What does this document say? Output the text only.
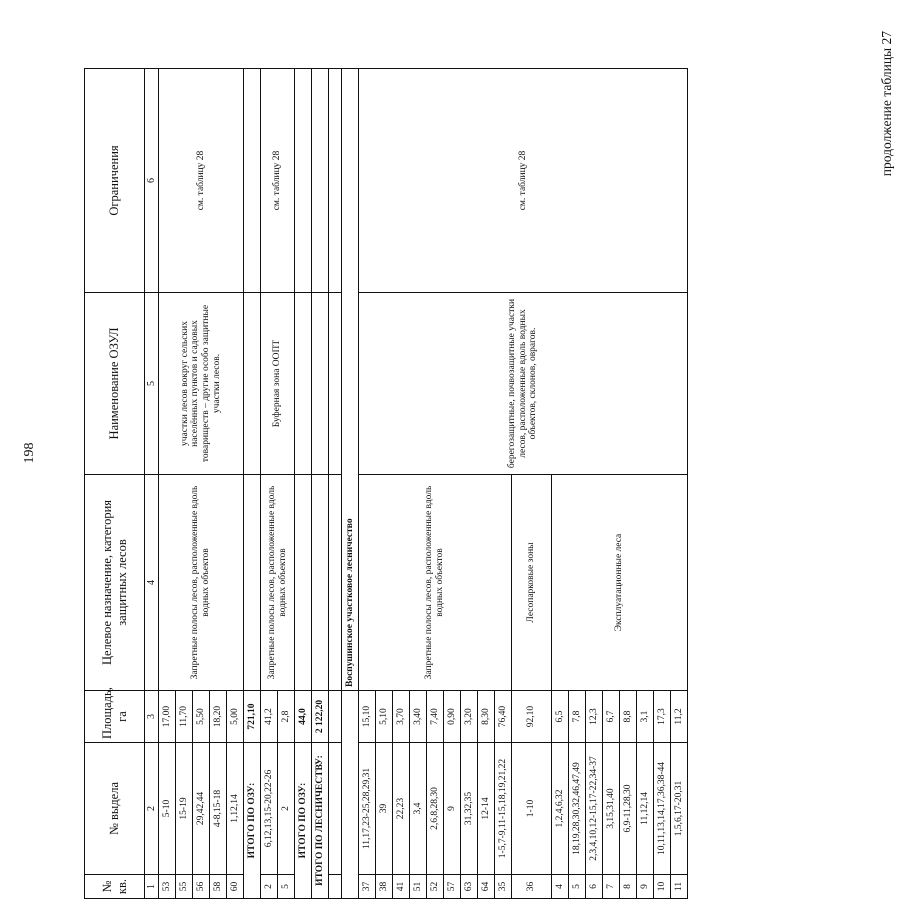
198
продолжение таблицы 27
№ кв.	№ выдела	Площадь, га	Целевое назначение, категория защитных лесов	Наименование ОЗУЛ	Ограничения
1	2	3	4	5	6
53	5-10	17,00	Запретные полосы лесов, расположенные вдоль водных объектов	участки лесов вокруг сельских населённых пунктов и садовых товариществ – другие особо защитные участки лесов.	см. таблицу 28
55	15-19	11,70			
56	29,42,44	5,50			
58	4-8,15-18	18,20			
60	1,12,14	5,00			
ИТОГО ПО ОЗУ:		721,10			
2	6,12,13,15-20,22-26	41,2	Запретные полосы лесов, расположенные вдоль водных объектов	Буферная зона ООПТ	см. таблицу 28
5	2	2,8			
ИТОГО ПО ОЗУ:		44,0			
ИТОГО ПО ЛЕСНИЧЕСТВУ:		2 122,20			

			Воспушинское участковое лесничество		
37	11,17,23-25,28,29,31	15,10	Запретные полосы лесов, расположенные вдоль водных объектов	берегозащитные, почвозащитные участки лесов, расположенные вдоль водных объектов, склонов, оврагов.	см. таблицу 28
38	39	5,10			
41	22,23	3,70			
51	3,4	3,40			
52	2,6,8,28,30	7,40			
57	9	0,90			
63	31,32,35	3,20			
64	12-14	8,30			
35	1-5,7-9,11-15,18,19,21,22	76,40			
36	1-10	92,10	Лесопарковые зоны		
4	1,2,4,6,32	6,5	Эксплуатационные леса		
5	18,19,28,30,32,46,47,49	7,8			
6	2,3,4,10,12-15,17-22,34-37	12,3			
7	3,15,31,40	6,7			
8	6,9-11,28,30	8,8			
9	11,12,14	3,1			
10	10,11,13,14,17,36,38-44	17,3			
11	1,5,6,17-20,31	11,2			
